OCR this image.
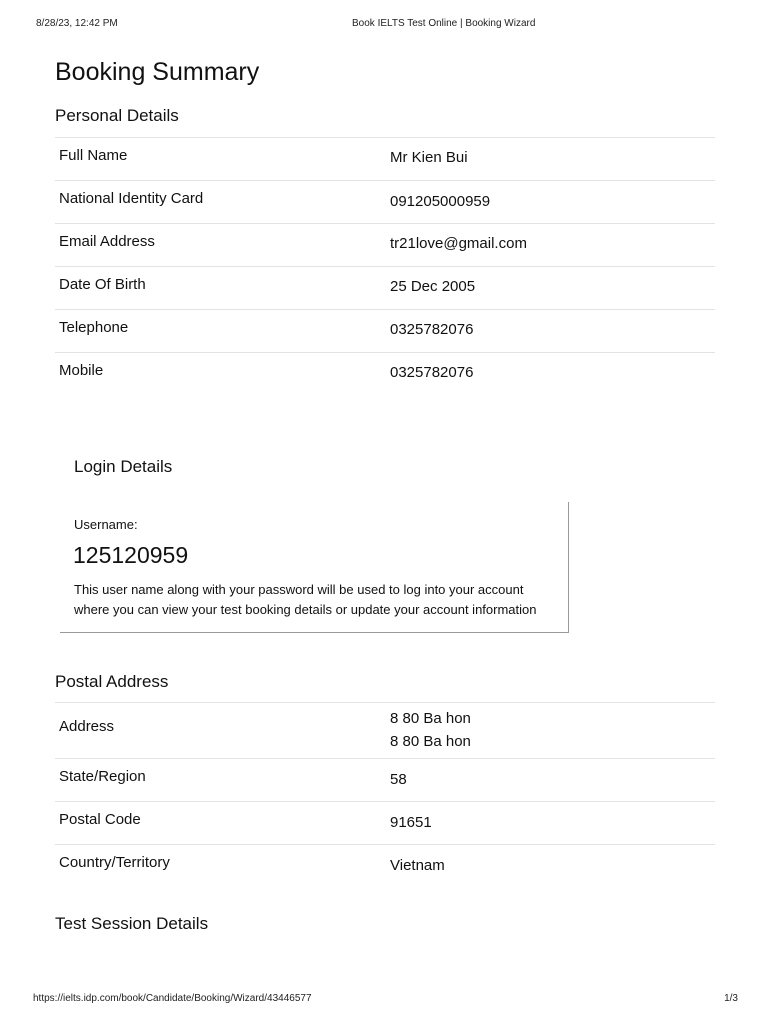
8/28/23, 12:42 PM	Book IELTS Test Online | Booking Wizard
Booking Summary
Personal Details
Full Name	Mr Kien Bui
National Identity Card	091205000959
Email Address	tr21love@gmail.com
Date Of Birth	25 Dec 2005
Telephone	0325782076
Mobile	0325782076
Login Details
Username:
125120959
This user name along with your password will be used to log into your account
where you can view your test booking details or update your account information
Postal Address
Address	8 80 Ba hon
8 80 Ba hon
State/Region	58
Postal Code	91651
Country/Territory	Vietnam
Test Session Details
https://ielts.idp.com/book/Candidate/Booking/Wizard/43446577	1/3
